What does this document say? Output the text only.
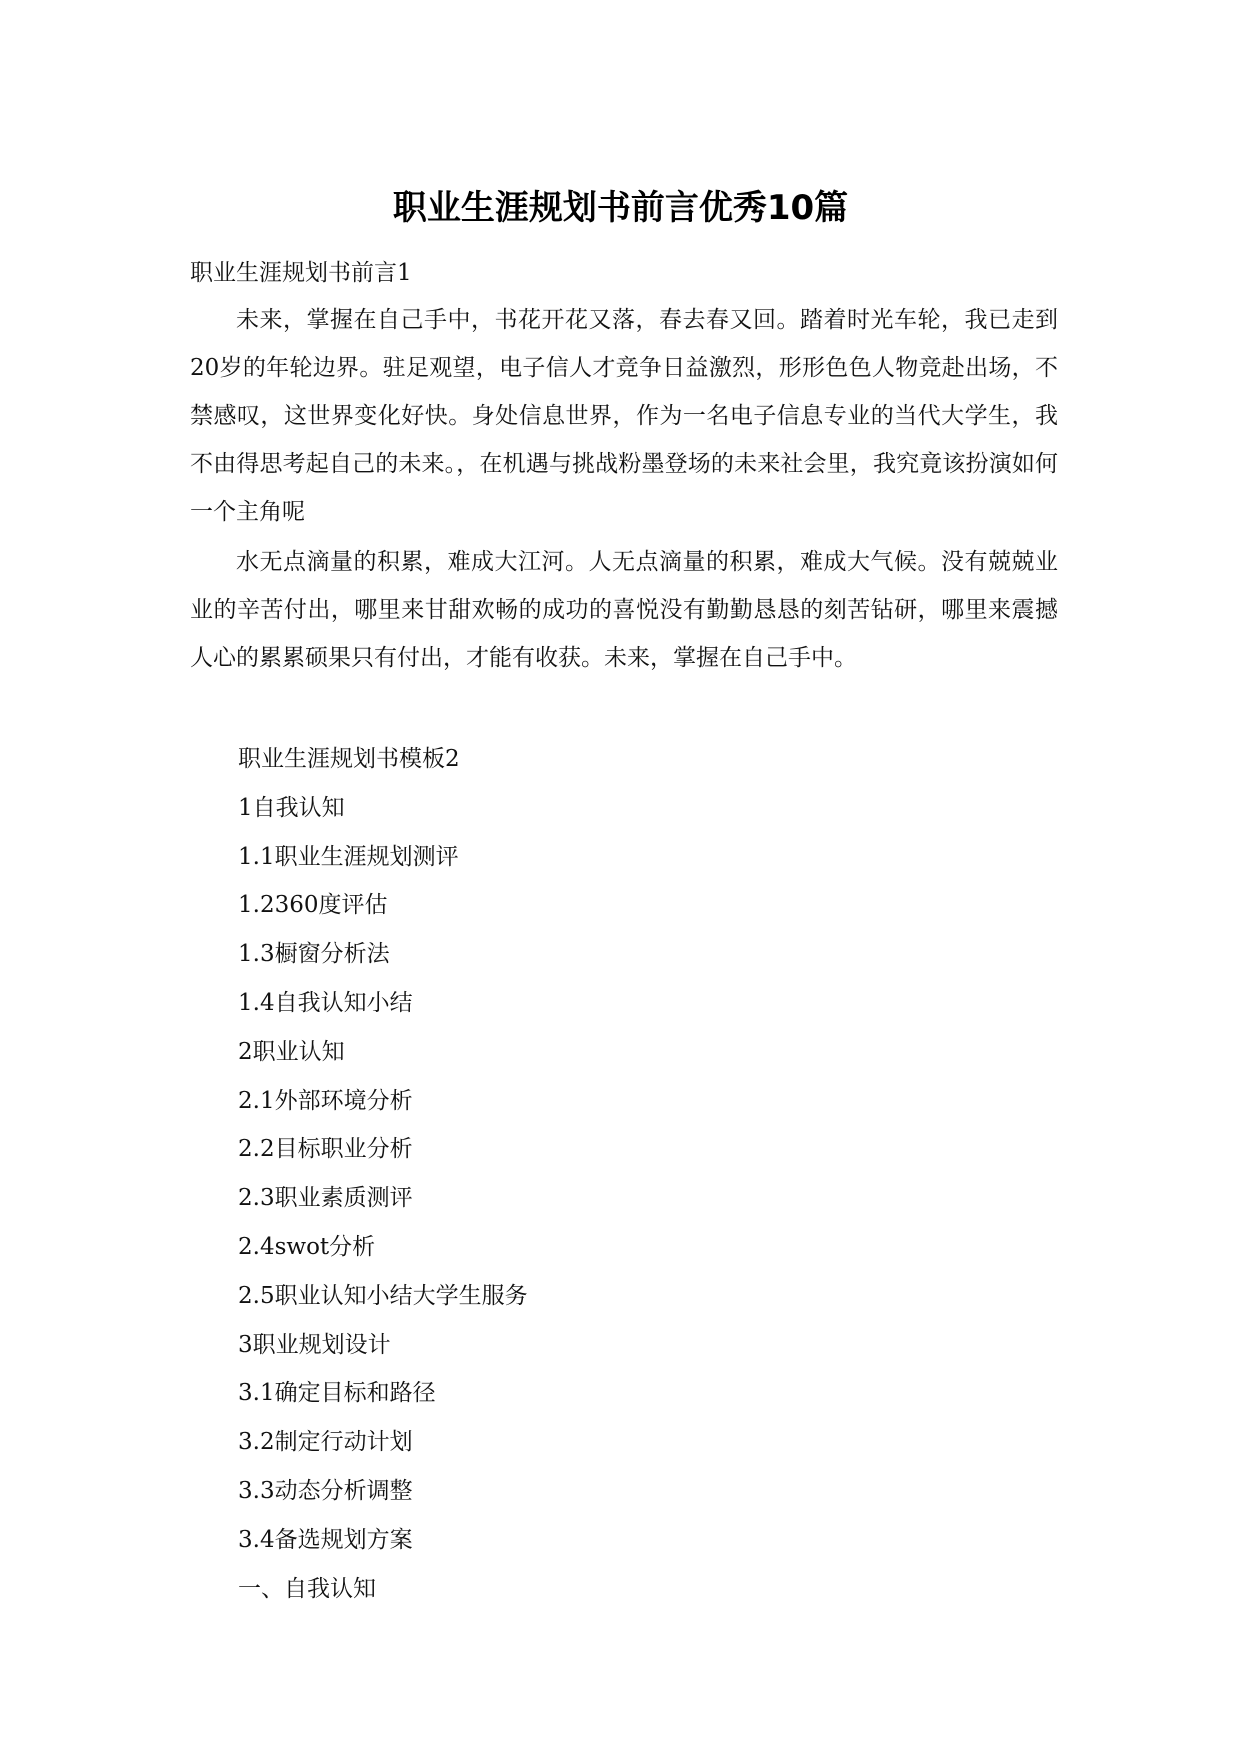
职业生涯规划书前言优秀10篇

职业生涯规划书前言1

未来，掌握在自己手中，书花开花又落，春去春又回。踏着时光车轮，我已走到20岁的年轮边界。驻足观望，电子信人才竞争日益激烈，形形色色人物竞赴出场，不禁感叹，这世界变化好快。身处信息世界，作为一名电子信息专业的当代大学生，我不由得思考起自己的未来。，在机遇与挑战粉墨登场的未来社会里，我究竟该扮演如何一个主角呢

水无点滴量的积累，难成大江河。人无点滴量的积累，难成大气候。没有兢兢业业的辛苦付出，哪里来甘甜欢畅的成功的喜悦没有勤勤恳恳的刻苦钻研，哪里来震撼人心的累累硕果只有付出，才能有收获。未来，掌握在自己手中。

职业生涯规划书模板2
1自我认知
1.1职业生涯规划测评
1.2360度评估
1.3橱窗分析法
1.4自我认知小结
2职业认知
2.1外部环境分析
2.2目标职业分析
2.3职业素质测评
2.4swot分析
2.5职业认知小结大学生服务
3职业规划设计
3.1确定目标和路径
3.2制定行动计划
3.3动态分析调整
3.4备选规划方案
一、自我认知
